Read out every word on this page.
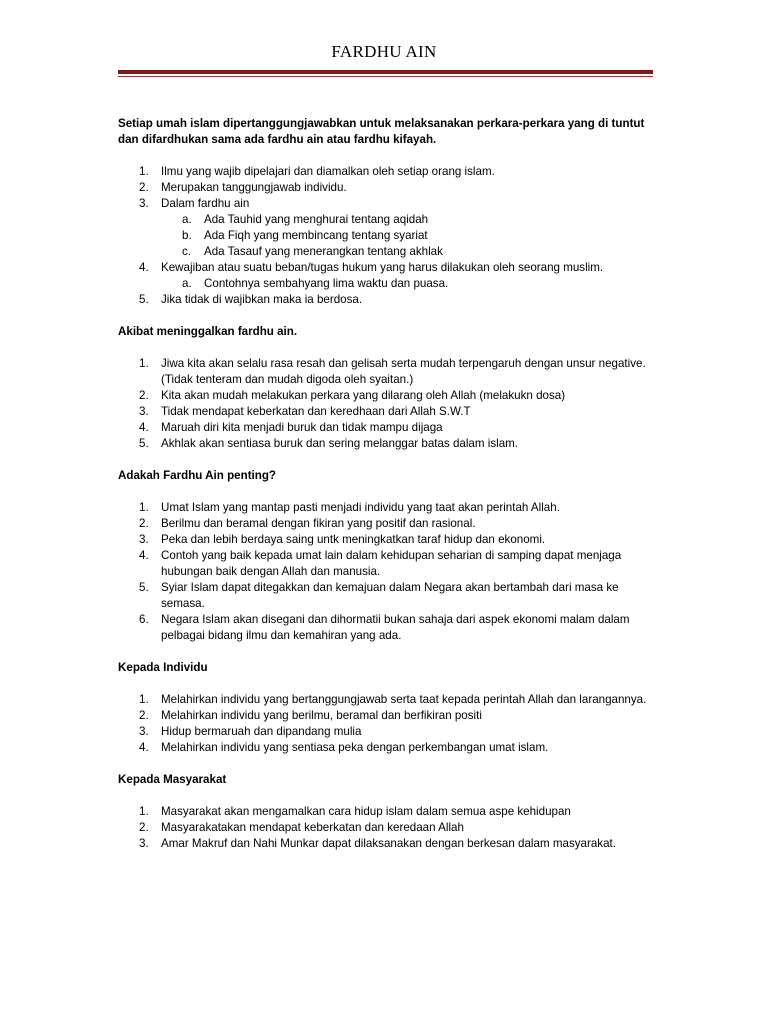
FARDHU AIN

Setiap umah islam dipertanggungjawabkan untuk melaksanakan perkara-perkara yang di tuntut dan difardhukan sama ada fardhu ain atau fardhu kifayah.

1. Ilmu yang wajib dipelajari dan diamalkan oleh setiap orang islam.
2. Merupakan tanggungjawab individu.
3. Dalam fardhu ain
a. Ada Tauhid yang menghurai tentang aqidah
b. Ada Fiqh yang membincang tentang syariat
c. Ada Tasauf yang menerangkan tentang akhlak
4. Kewajiban atau suatu beban/tugas hukum yang harus dilakukan oleh seorang muslim.
a. Contohnya sembahyang lima waktu dan puasa.
5. Jika tidak di wajibkan maka ia berdosa.

Akibat meninggalkan fardhu ain.

1. Jiwa kita akan selalu rasa resah dan gelisah serta mudah terpengaruh dengan unsur negative. (Tidak tenteram dan mudah digoda oleh syaitan.)
2. Kita akan mudah melakukan perkara yang dilarang oleh Allah (melakukn dosa)
3. Tidak mendapat keberkatan dan keredhaan dari Allah S.W.T
4. Maruah diri kita menjadi buruk dan tidak mampu dijaga
5. Akhlak akan sentiasa buruk dan sering melanggar batas dalam islam.

Adakah Fardhu Ain penting?

1. Umat Islam yang mantap pasti menjadi individu yang taat akan perintah Allah.
2. Berilmu dan beramal dengan fikiran yang positif dan rasional.
3. Peka dan lebih berdaya saing untk meningkatkan taraf hidup dan ekonomi.
4. Contoh yang baik kepada umat lain dalam kehidupan seharian di samping dapat menjaga hubungan baik dengan Allah dan manusia.
5. Syiar Islam dapat ditegakkan dan kemajuan dalam Negara akan bertambah dari masa ke semasa.
6. Negara Islam akan disegani dan dihormatii bukan sahaja dari aspek ekonomi malam dalam pelbagai bidang ilmu dan kemahiran yang ada.

Kepada Individu

1. Melahirkan individu yang bertanggungjawab serta taat kepada perintah Allah dan larangannya.
2. Melahirkan individu yang berilmu, beramal dan berfikiran positi
3. Hidup bermaruah dan dipandang mulia
4. Melahirkan individu yang sentiasa peka dengan perkembangan umat islam.

Kepada Masyarakat

1. Masyarakat akan mengamalkan cara hidup islam dalam semua aspe kehidupan
2. Masyarakatakan mendapat keberkatan dan keredaan Allah
3. Amar Makruf dan Nahi Munkar dapat dilaksanakan dengan berkesan dalam masyarakat.
